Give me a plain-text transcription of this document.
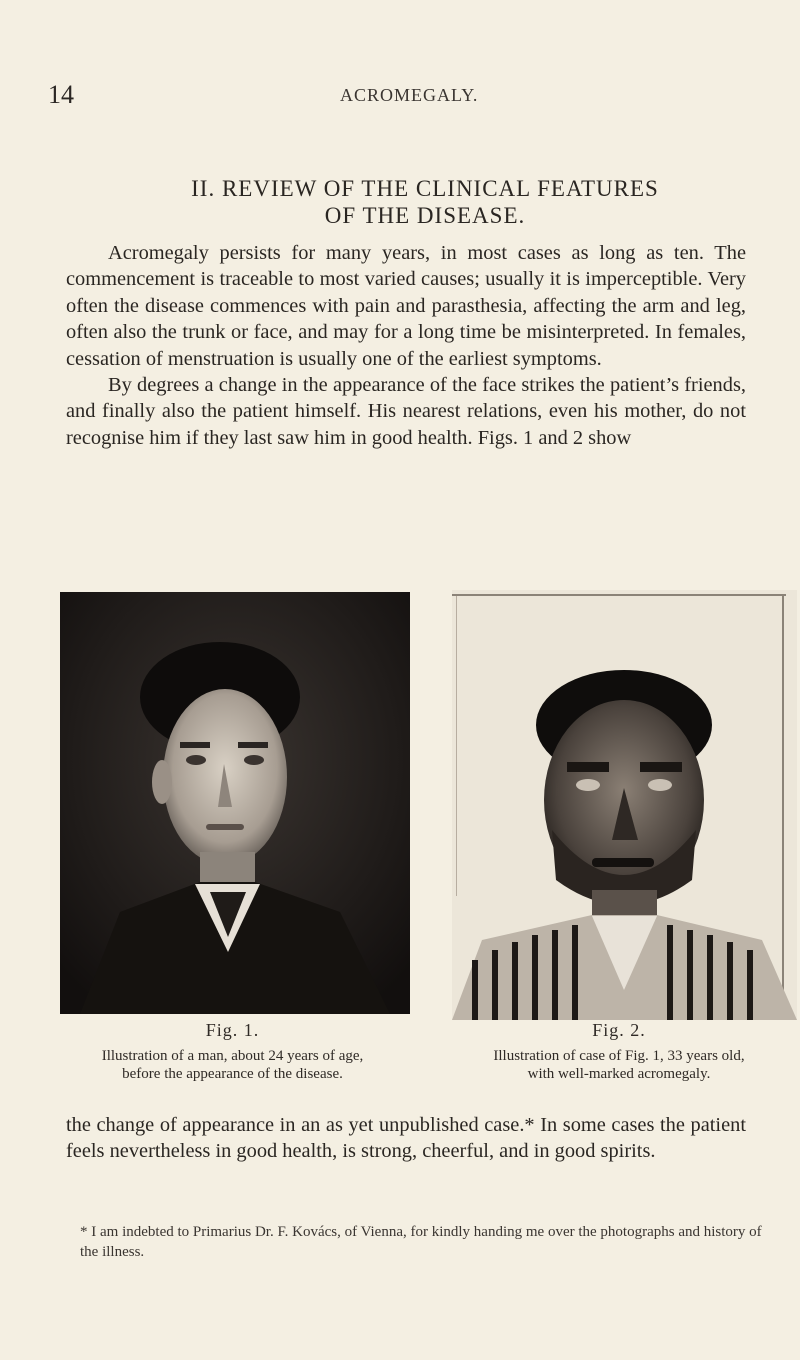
14	ACROMEGALY.
II. REVIEW OF THE CLINICAL FEATURES
OF THE DISEASE.

Acromegaly persists for many years, in most cases as long as ten. The commencement is traceable to most varied causes; usually it is imperceptible. Very often the disease commences with pain and parasthesia, affecting the arm and leg, often also the trunk or face, and may for a long time be misinterpreted. In females, cessation of menstruation is usually one of the earliest symptoms.

By degrees a change in the appearance of the face strikes the patient’s friends, and finally also the patient himself. His nearest relations, even his mother, do not recognise him if they last saw him in good health. Figs. 1 and 2 show

Fig. 1.
Illustration of a man, about 24 years of age,
before the appearance of the disease.
Fig. 2.
Illustration of case of Fig. 1, 33 years old,
with well-marked acromegaly.

the change of appearance in an as yet unpublished case.* In some cases the patient feels nevertheless in good health, is strong, cheerful, and in good spirits.

* I am indebted to Primarius Dr. F. Kovács, of Vienna, for kindly handing me over the photographs and history of the illness.
